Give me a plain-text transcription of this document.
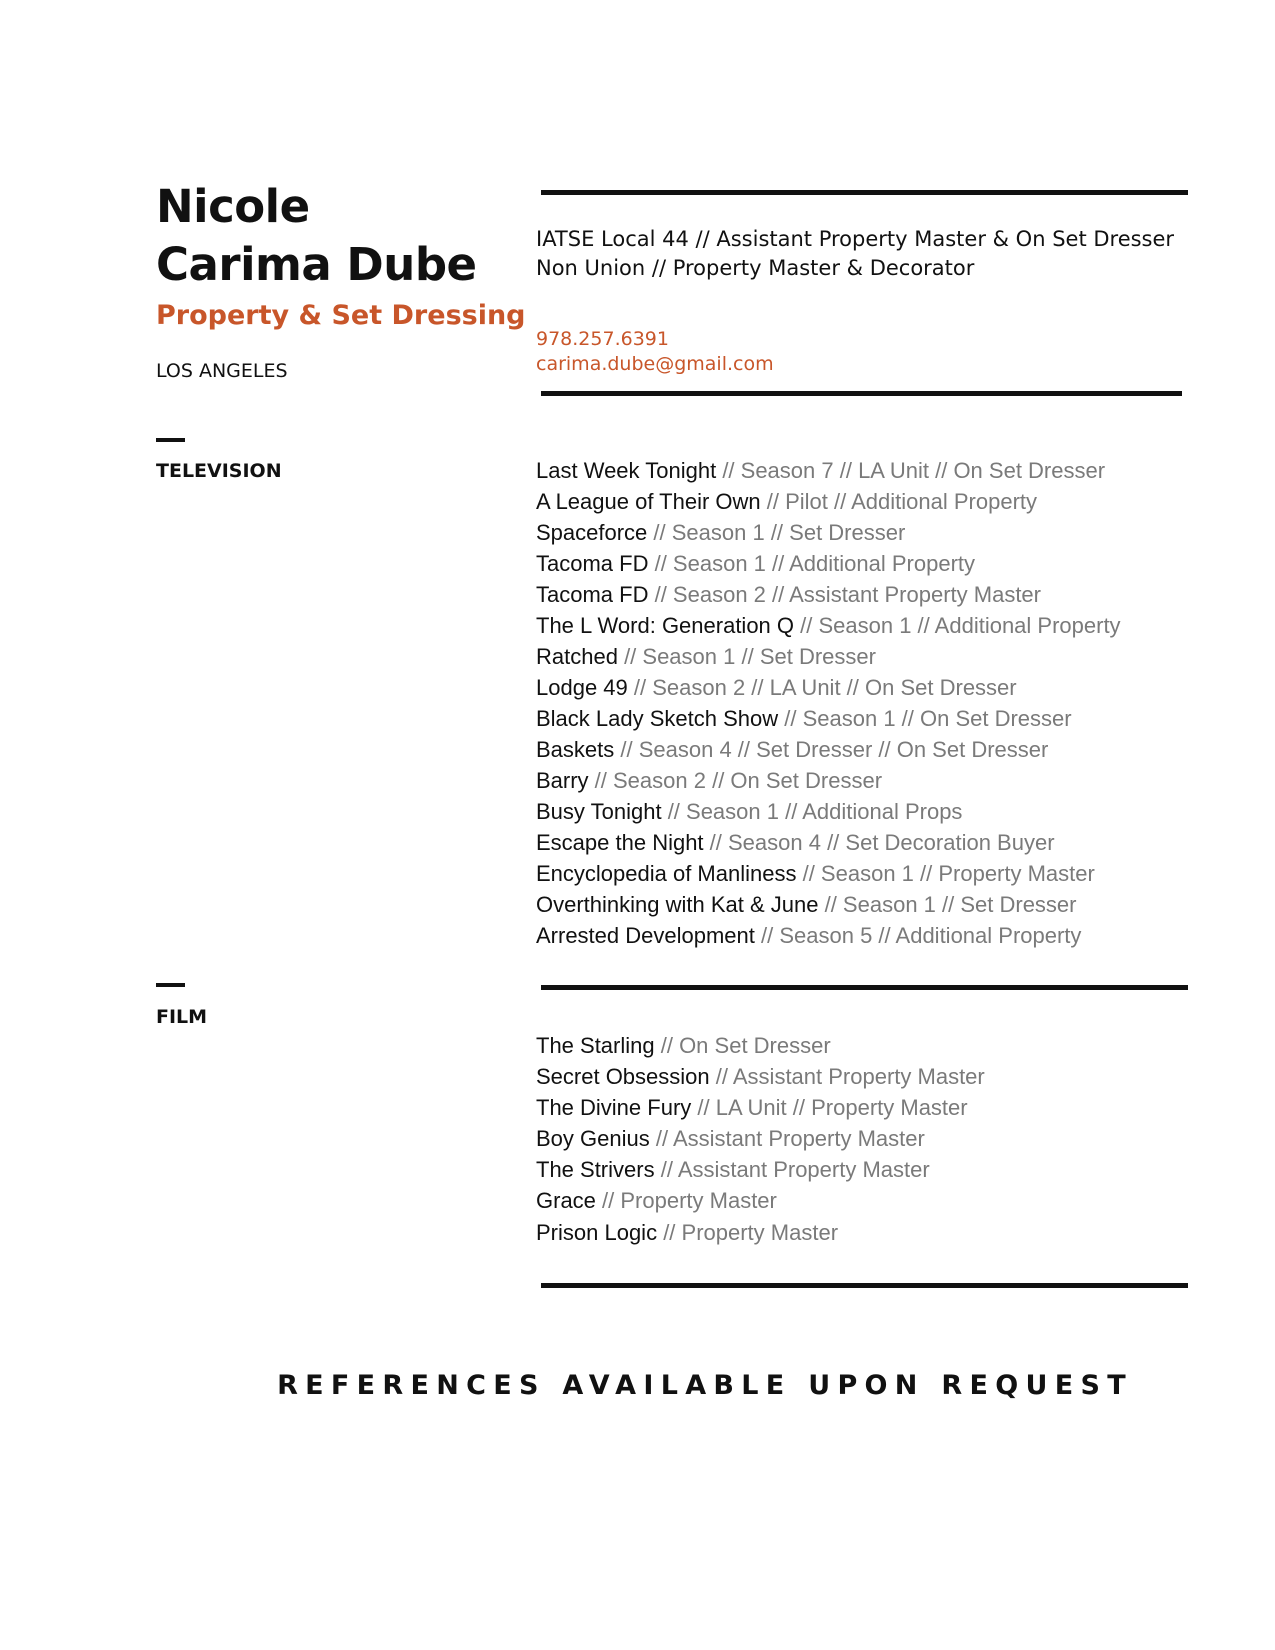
Nicole
Carima Dube
Property & Set Dressing
LOS ANGELES
IATSE Local 44 // Assistant Property Master & On Set Dresser
Non Union // Property Master & Decorator
978.257.6391
carima.dube@gmail.com
TELEVISION	Last Week Tonight // Season 7 // LA Unit // On Set Dresser
A League of Their Own // Pilot // Additional Property
Spaceforce // Season 1 // Set Dresser
Tacoma FD // Season 1 // Additional Property
Tacoma FD // Season 2 // Assistant Property Master
The L Word: Generation Q // Season 1 // Additional Property
Ratched // Season 1 // Set Dresser
Lodge 49 // Season 2 // LA Unit // On Set Dresser
Black Lady Sketch Show // Season 1 // On Set Dresser
Baskets // Season 4 // Set Dresser // On Set Dresser
Barry // Season 2 // On Set Dresser
Busy Tonight // Season 1 // Additional Props
Escape the Night // Season 4 // Set Decoration Buyer
Encyclopedia of Manliness // Season 1 // Property Master
Overthinking with Kat & June // Season 1 // Set Dresser
Arrested Development // Season 5 // Additional Property
FILM
The Starling // On Set Dresser
Secret Obsession // Assistant Property Master
The Divine Fury // LA Unit // Property Master
Boy Genius // Assistant Property Master
The Strivers // Assistant Property Master
Grace // Property Master
Prison Logic // Property Master
REFERENCES AVAILABLE UPON REQUEST
